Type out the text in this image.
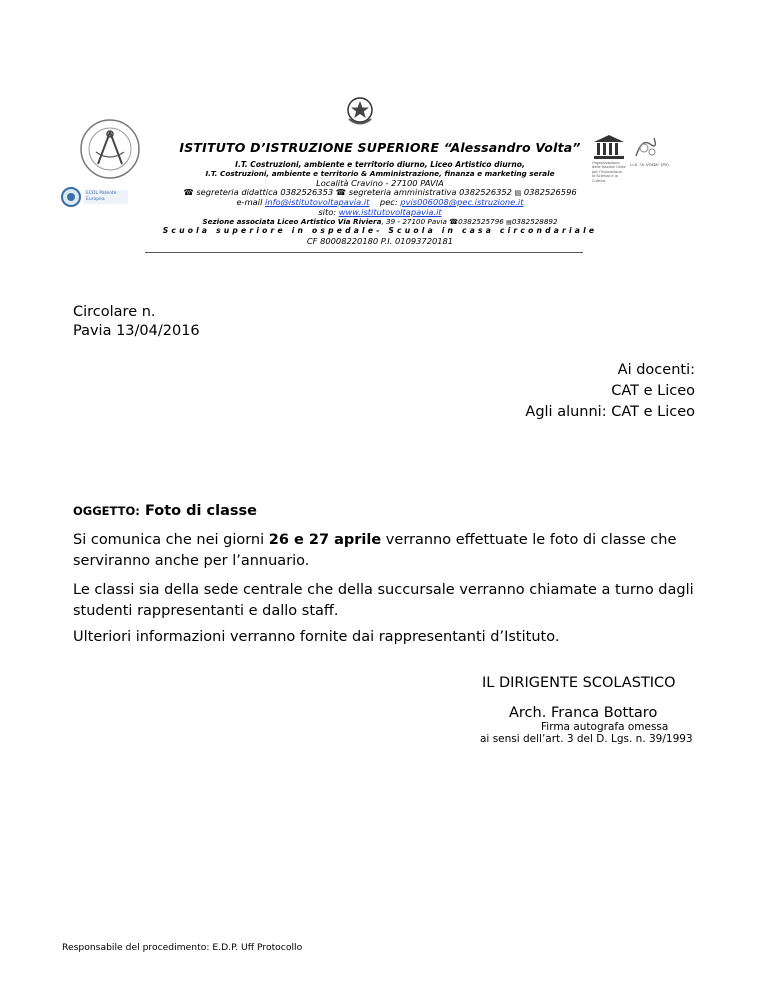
ECDL Patente Europea
Organizzazione delle Nazioni Unite per l'Educazione, la Scienza e la Cultura
I.I.S. "A. VOLTA" (PV)
ISTITUTO D’ISTRUZIONE SUPERIORE “Alessandro Volta”
I.T. Costruzioni, ambiente e territorio diurno, Liceo Artistico diurno,
I.T. Costruzioni, ambiente e territorio & Amministrazione, finanza e marketing serale
Località Cravino - 27100 PAVIA
☎ segreteria didattica 0382526353 ☎ segreteria amministrativa 0382526352 ▤ 0382526596
e-mail info@istitutovoltapavia.it    pec: pvis006008@pec.istruzione.it
sito: www.istitutovoltapavia.it
Sezione associata Liceo Artistico Via Riviera, 39 - 27100 Pavia ☎0382525796 ▤0382528892
Scuola superiore in ospedale- Scuola in casa circondariale
CF 80008220180 P.I. 01093720181
Circolare n.
Pavia 13/04/2016
Ai docenti:
CAT e Liceo
Agli alunni: CAT e Liceo
OGGETTO: Foto di classe
Si comunica che nei giorni 26 e 27 aprile verranno effettuate le foto di classe che
serviranno anche per l’annuario.
Le classi sia della sede centrale che della succursale verranno chiamate a turno dagli
studenti rappresentanti e dallo staff.
Ulteriori informazioni verranno fornite dai rappresentanti d’Istituto.
IL DIRIGENTE SCOLASTICO
Arch. Franca Bottaro
Firma autografa omessa
ai sensi dell’art. 3 del D. Lgs. n. 39/1993
Responsabile del procedimento: E.D.P. Uff Protocollo
